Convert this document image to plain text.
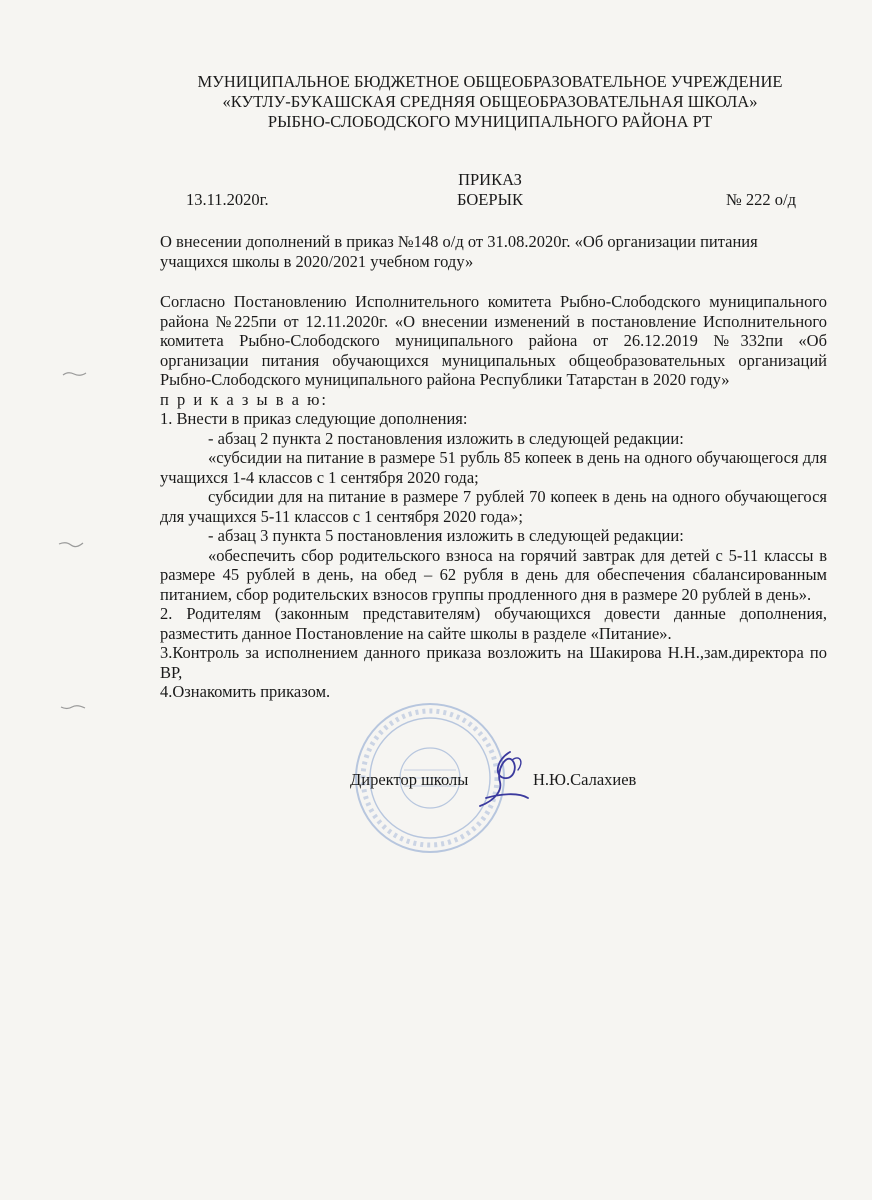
МУНИЦИПАЛЬНОЕ БЮДЖЕТНОЕ ОБЩЕОБРАЗОВАТЕЛЬНОЕ УЧРЕЖДЕНИЕ
«КУТЛУ-БУКАШСКАЯ СРЕДНЯЯ ОБЩЕОБРАЗОВАТЕЛЬНАЯ ШКОЛА»
РЫБНО-СЛОБОДСКОГО МУНИЦИПАЛЬНОГО РАЙОНА РТ
ПРИКАЗ
БОЕРЫК
13.11.2020г.	№ 222 о/д
О внесении дополнений в приказ №148 о/д от 31.08.2020г. «Об организации питания учащихся школы в 2020/2021 учебном году»

Согласно Постановлению Исполнительного комитета Рыбно-Слободского муниципального района №225пи от 12.11.2020г. «О внесении изменений в постановление Исполнительного комитета Рыбно-Слободского муниципального района от 26.12.2019 №332пи «Об организации питания обучающихся муниципальных общеобразовательных организаций Рыбно-Слободского муниципального района Республики Татарстан в 2020 году»

п р и к а з ы в а ю:

1. Внести в приказ следующие дополнения:

- абзац 2 пункта 2 постановления изложить в следующей редакции:

«субсидии на питание в размере 51 рубль 85 копеек в день на одного обучающегося для учащихся 1-4 классов с 1 сентября 2020 года;

субсидии для на питание в размере 7 рублей 70 копеек в день на одного обучающегося для учащихся 5-11 классов с 1 сентября 2020 года»;

- абзац 3 пункта 5 постановления изложить в следующей редакции:

«обеспечить сбор родительского взноса на горячий завтрак для детей с 5-11 классы в размере 45 рублей в день, на обед – 62 рубля в день для обеспечения сбалансированным питанием, сбор родительских взносов группы продленного дня в размере 20 рублей в день».

2. Родителям (законным представителям) обучающихся довести данные дополнения, разместить данное Постановление на сайте школы в разделе «Питание».

3.Контроль за исполнением данного приказа возложить на Шакирова Н.Н.,зам.директора по ВР,

4.Ознакомить приказом.

Директор школы	Н.Ю.Салахиев
